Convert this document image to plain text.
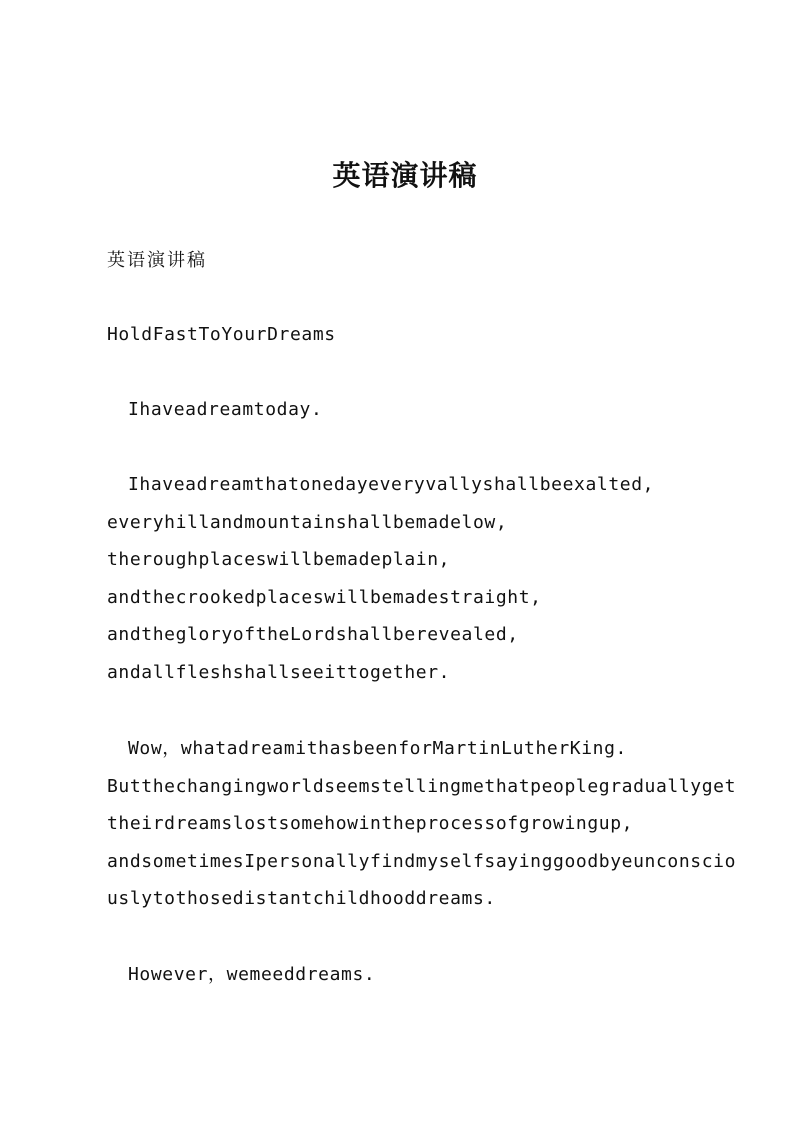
英语演讲稿

英语演讲稿

HoldFastToYourDreams

Ihaveadreamtoday.

Ihaveadreamthatonedayeveryvallyshallbeexalted,
everyhillandmountainshallbemadelow,
theroughplaceswillbemadeplain,
andthecrookedplaceswillbemadestraight,
andthegloryoftheLordshallberevealed,
andallfleshshallseeittogether.

Wow，whatadreamithasbeenforMartinLutherKing.
Butthechangingworldseemstellingmethatpeoplegraduallyget
theirdreamslostsomehowintheprocessofgrowingup,
andsometimesIpersonallyfindmyselfsayinggoodbyeunconscio
uslytothosedistantchildhooddreams.

However，wemeeddreams.
